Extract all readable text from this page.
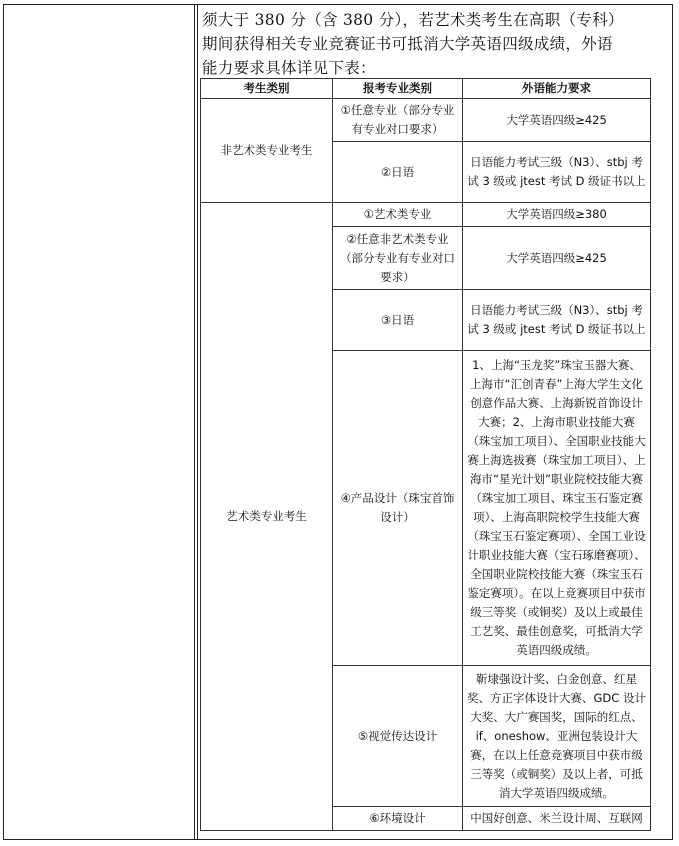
须大于 380 分（含 380 分），若艺术类考生在高职（专科）
期间获得相关专业竞赛证书可抵消大学英语四级成绩，外语
能力要求具体详见下表：
考生类别	报考专业类别	外语能力要求
非艺术类专业考生	①任意专业（部分专业有专业对口要求）	大学英语四级≥425
	②日语	日语能力考试三级（N3）、stbj 考试 3 级或 jtest 考试 D 级证书以上
艺术类专业考生	①艺术类专业	大学英语四级≥380
	②任意非艺术类专业（部分专业有专业对口要求）	大学英语四级≥425
	③日语	日语能力考试三级（N3）、stbj 考试 3 级或 jtest 考试 D 级证书以上
	④产品设计（珠宝首饰设计）	1、上海“玉龙奖”珠宝玉器大赛、上海市“汇创青春”上海大学生文化创意作品大赛、上海新锐首饰设计大赛；2、上海市职业技能大赛（珠宝加工项目）、全国职业技能大赛上海选拔赛（珠宝加工项目）、上海市“星光计划”职业院校技能大赛（珠宝加工项目、珠宝玉石鉴定赛项）、上海高职院校学生技能大赛（珠宝玉石鉴定赛项）、全国工业设计职业技能大赛（宝石琢磨赛项）、全国职业院校技能大赛（珠宝玉石鉴定赛项）。在以上竞赛项目中获市级三等奖（或铜奖）及以上或最佳工艺奖、最佳创意奖，可抵消大学英语四级成绩。
	⑤视觉传达设计	靳埭强设计奖、白金创意、红星奖、方正字体设计大赛、GDC 设计大奖、大广赛国奖，国际的红点、if、oneshow、亚洲包装设计大赛，在以上任意竞赛项目中获市级三等奖（或铜奖）及以上者，可抵消大学英语四级成绩。
	⑥环境设计	中国好创意、米兰设计周、互联网
